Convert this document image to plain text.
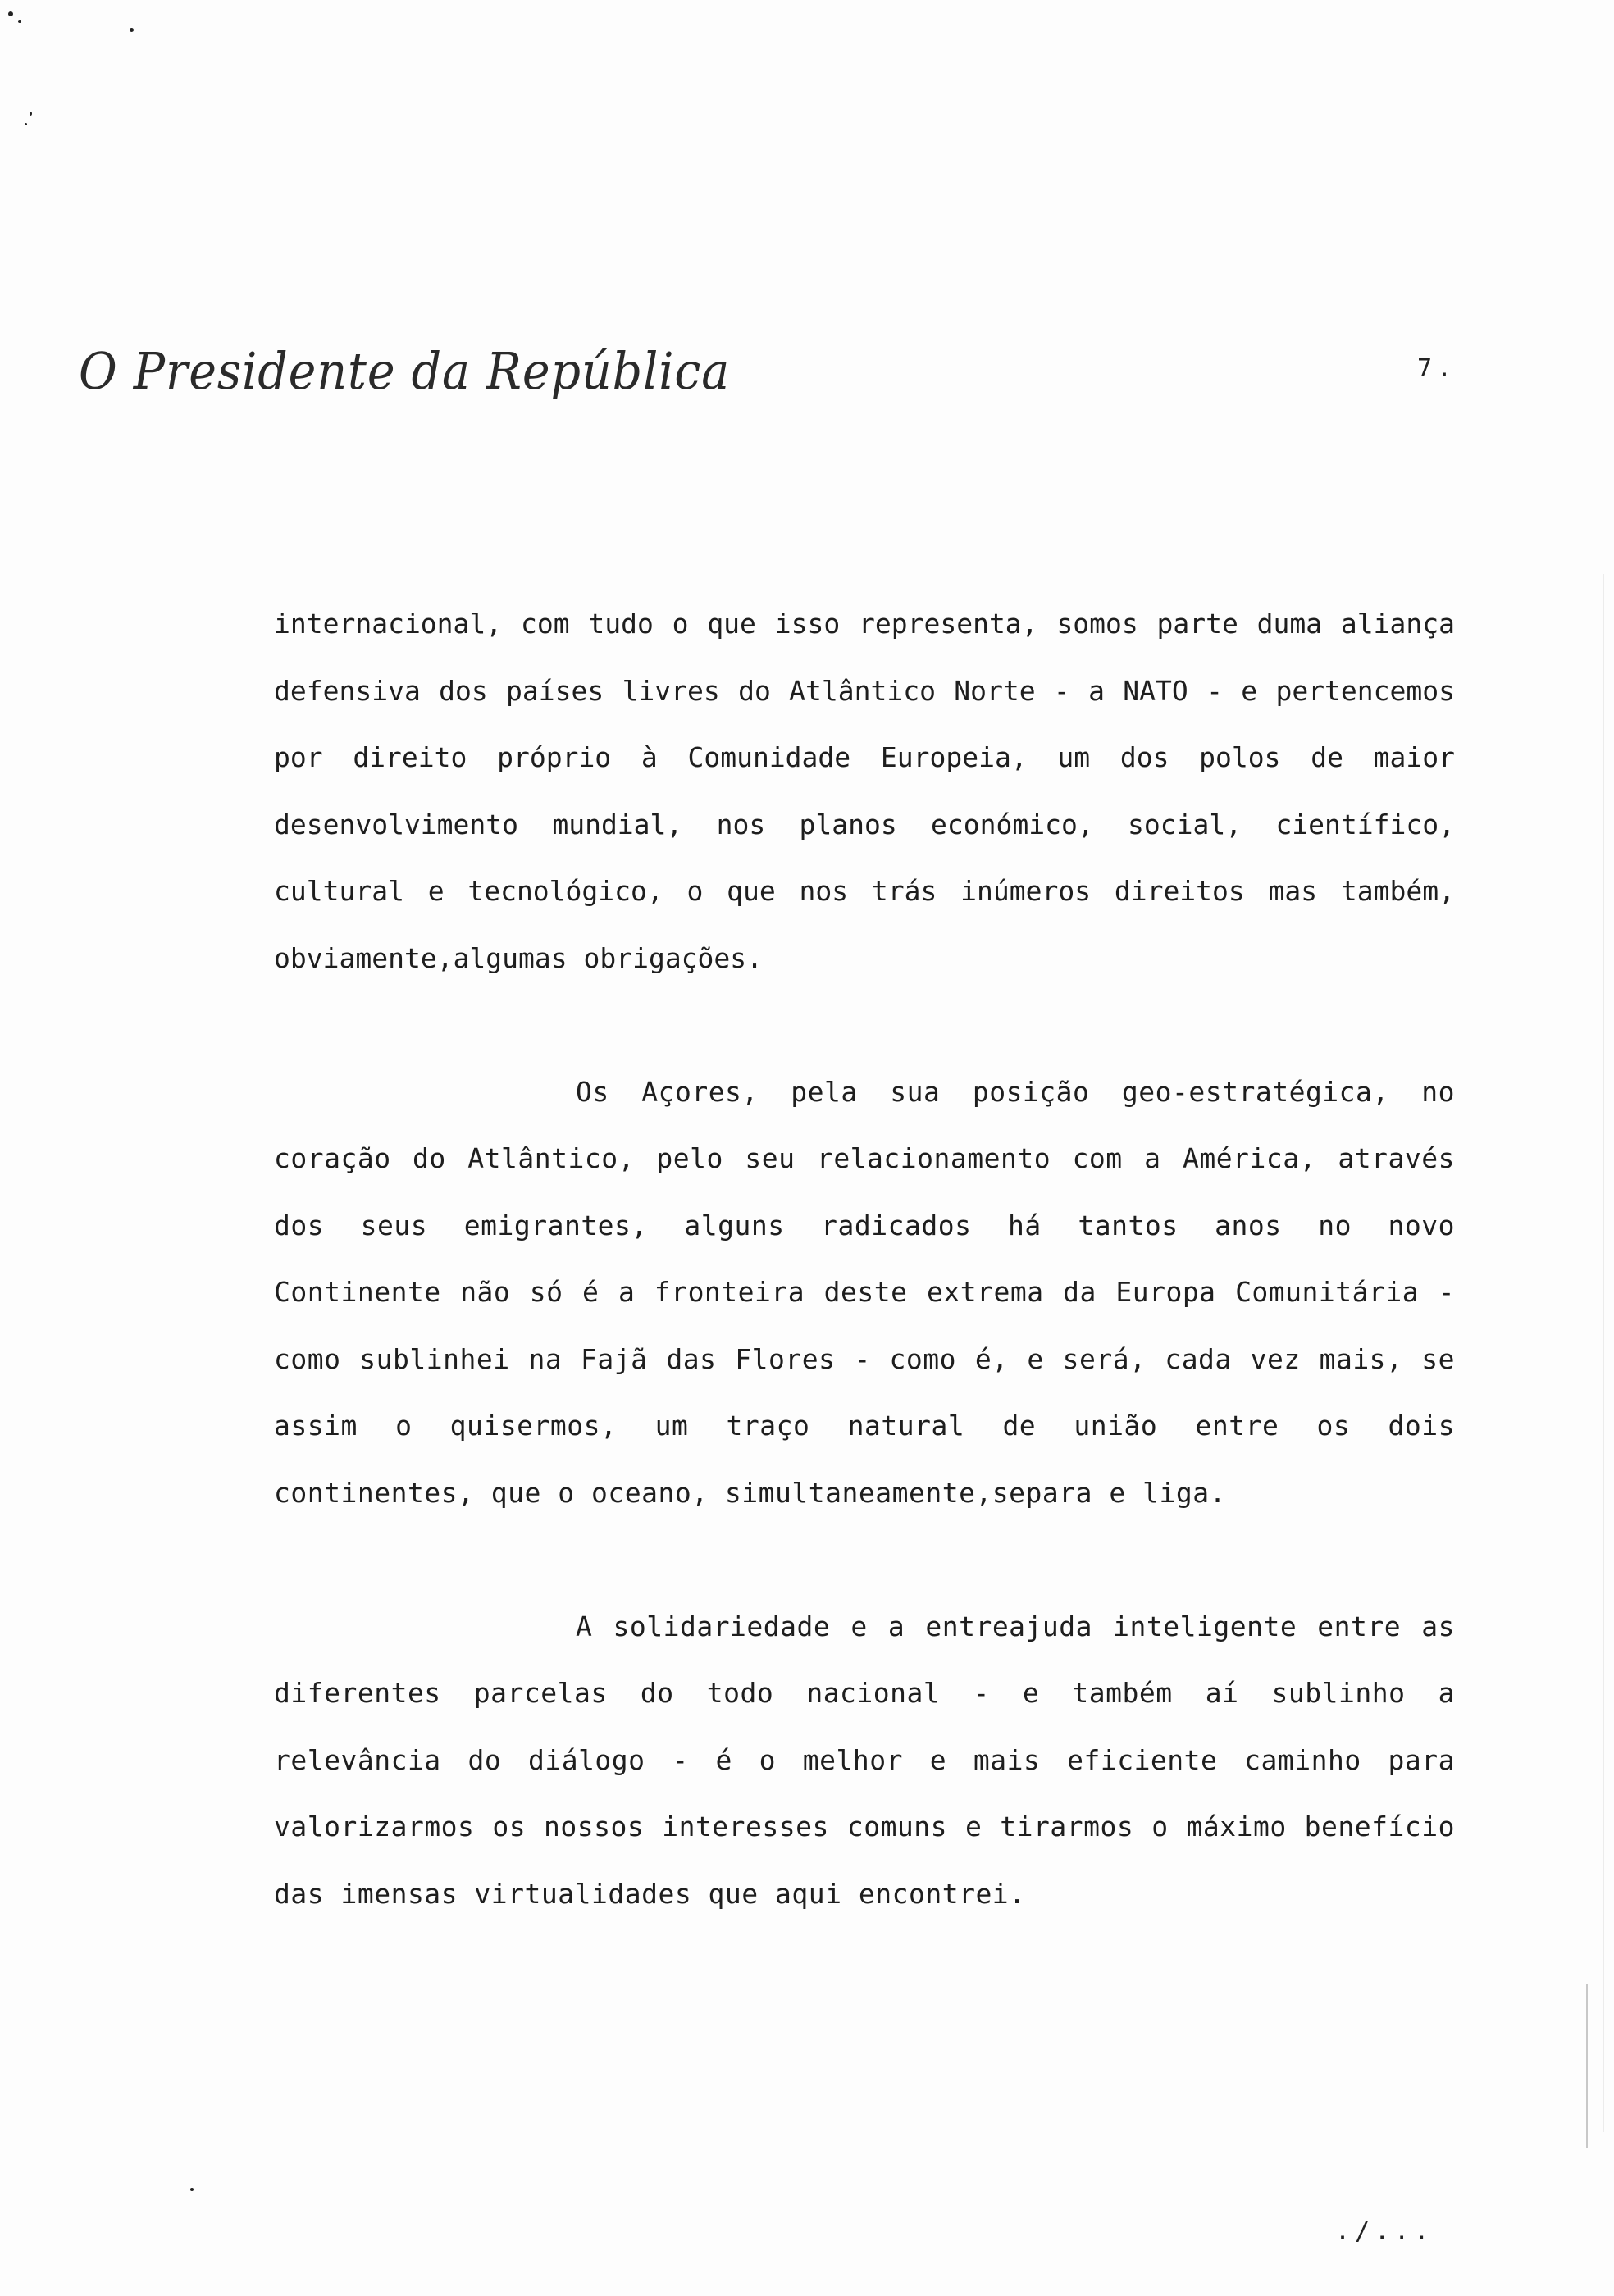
O Presidente da República	7.

internacional, com tudo o que isso representa, somos parte duma aliança defensiva dos países livres do Atlântico Norte - a NATO - e pertencemos por direito próprio à Comunidade Europeia, um dos polos de maior desenvolvimento mundial, nos planos económico, social, científico, cultural e tecnológico, o que nos trás inúmeros direitos mas também, obviamente,algumas obrigações.

Os Açores, pela sua posição geo-estratégica, no coração do Atlântico, pelo seu relacionamento com a América, através dos seus emigrantes, alguns radicados há tantos anos no novo Continente não só é a fronteira deste extrema da Europa Comunitária - como sublinhei na Fajã das Flores - como é, e será, cada vez mais, se assim o quisermos, um traço natural de união entre os dois continentes, que o oceano, simultaneamente,separa e liga.

A solidariedade e a entreajuda inteligente entre as diferentes parcelas do todo nacional - e também aí sublinho a relevância do diálogo - é o melhor e mais eficiente caminho para valorizarmos os nossos interesses comuns e tirarmos o máximo benefício das imensas virtualidades que aqui encontrei.

./...
